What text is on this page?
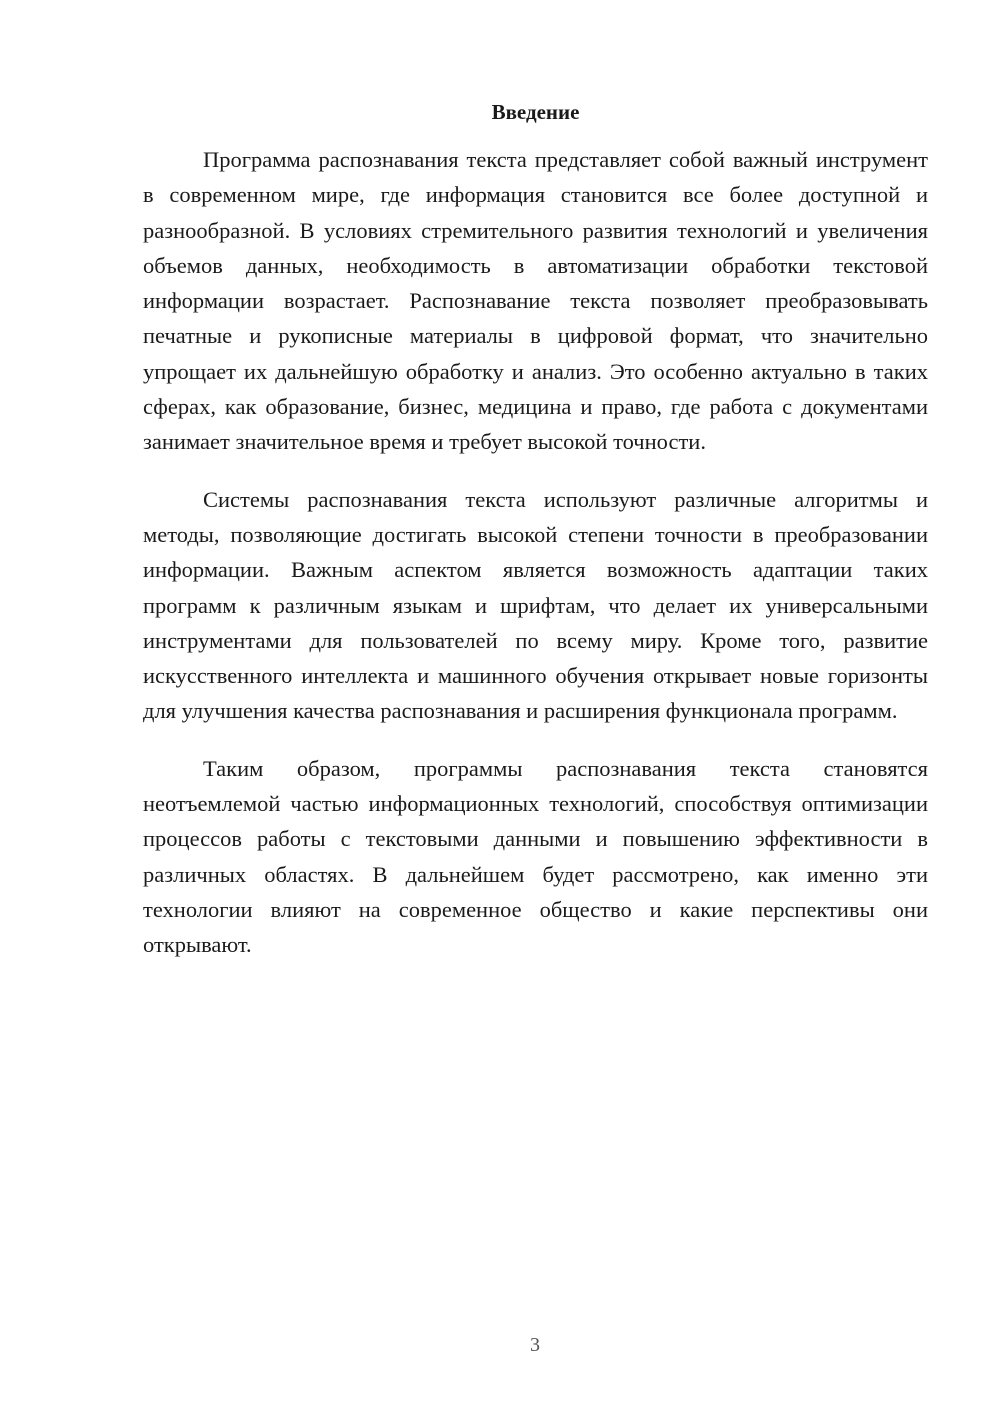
Введение

Программа распознавания текста представляет собой важный инструмент в современном мире, где информация становится все более доступной и разнообразной. В условиях стремительного развития технологий и увеличения объемов данных, необходимость в автоматизации обработки текстовой информации возрастает. Распознавание текста позволяет преобразовывать печатные и рукописные материалы в цифровой формат, что значительно упрощает их дальнейшую обработку и анализ. Это особенно актуально в таких сферах, как образование, бизнес, медицина и право, где работа с документами занимает значительное время и требует высокой точности.

Системы распознавания текста используют различные алгоритмы и методы, позволяющие достигать высокой степени точности в преобразовании информации. Важным аспектом является возможность адаптации таких программ к различным языкам и шрифтам, что делает их универсальными инструментами для пользователей по всему миру. Кроме того, развитие искусственного интеллекта и машинного обучения открывает новые горизонты для улучшения качества распознавания и расширения функционала программ.

Таким образом, программы распознавания текста становятся неотъемлемой частью информационных технологий, способствуя оптимизации процессов работы с текстовыми данными и повышению эффективности в различных областях. В дальнейшем будет рассмотрено, как именно эти технологии влияют на современное общество и какие перспективы они открывают.

3
